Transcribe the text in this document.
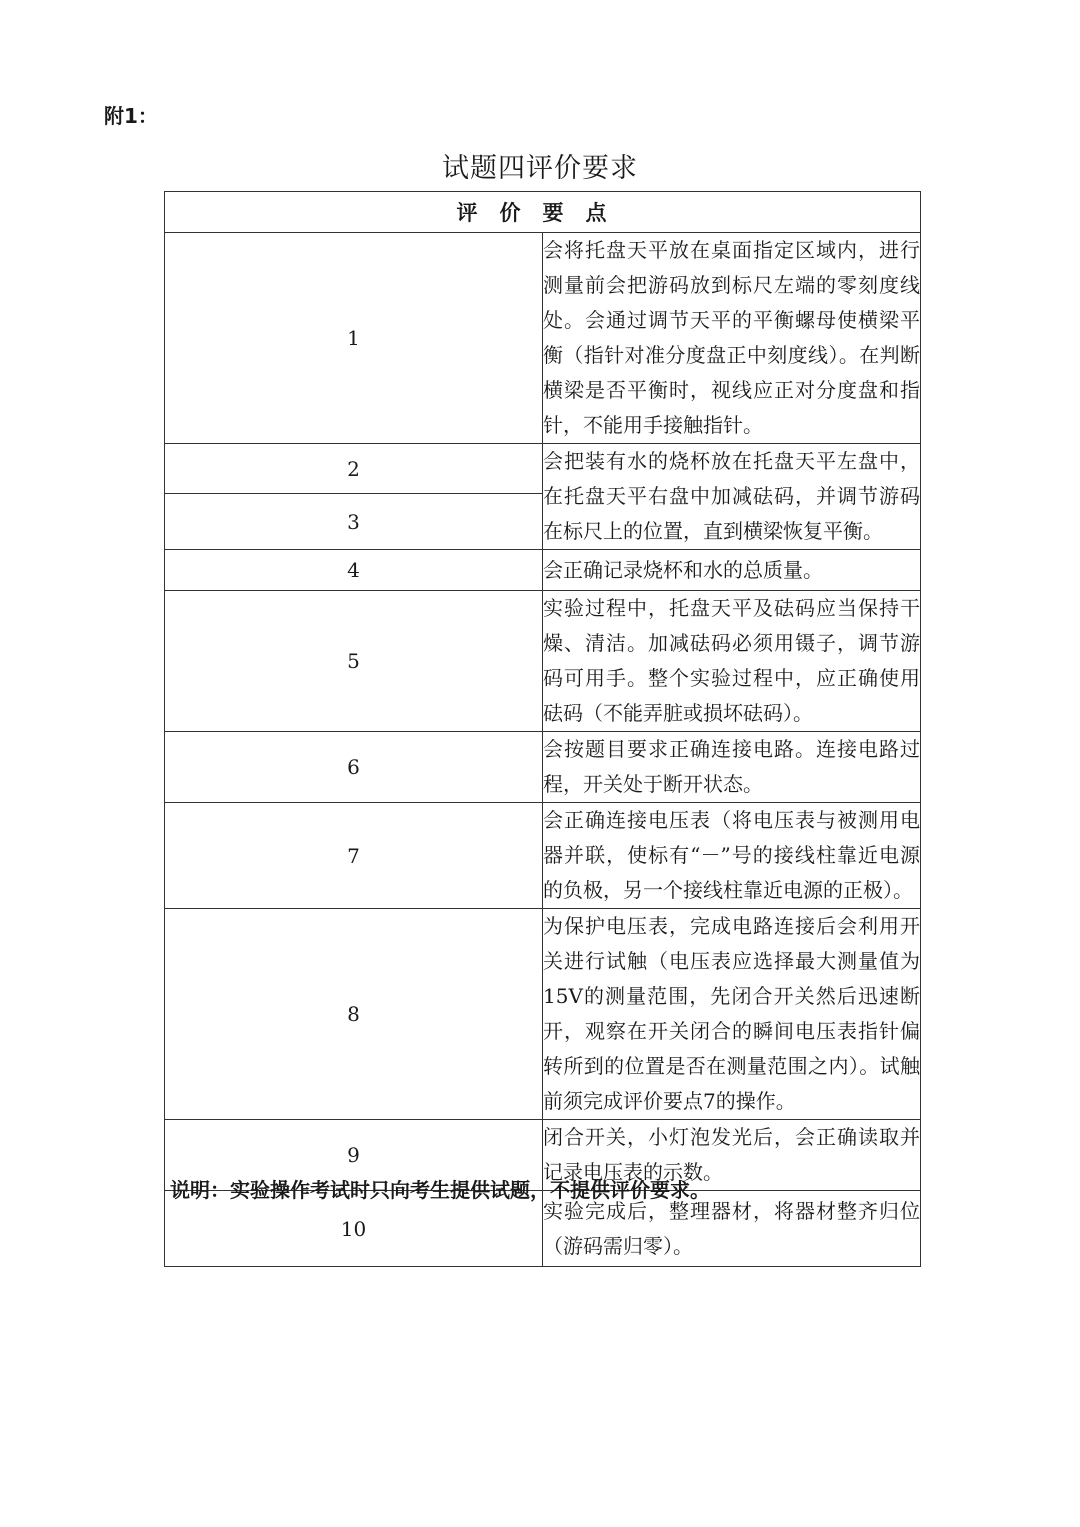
附1：
试题四评价要求
评价要点	
1	会将托盘天平放在桌面指定区域内，进行测量前会把游码放到标尺左端的零刻度线处。会通过调节天平的平衡螺母使横梁平衡（指针对准分度盘正中刻度线）。在判断横梁是否平衡时，视线应正对分度盘和指针，不能用手接触指针。
2	会把装有水的烧杯放在托盘天平左盘中，在托盘天平右盘中加减砝码，并调节游码在标尺上的位置，直到横梁恢复平衡。
3	
4	会正确记录烧杯和水的总质量。
5	实验过程中，托盘天平及砝码应当保持干燥、清洁。加减砝码必须用镊子，调节游码可用手。整个实验过程中，应正确使用砝码（不能弄脏或损坏砝码）。
6	会按题目要求正确连接电路。连接电路过程，开关处于断开状态。
7	会正确连接电压表（将电压表与被测用电器并联，使标有“－”号的接线柱靠近电源的负极，另一个接线柱靠近电源的正极）。
8	为保护电压表，完成电路连接后会利用开关进行试触（电压表应选择最大测量值为15V的测量范围，先闭合开关然后迅速断开，观察在开关闭合的瞬间电压表指针偏转所到的位置是否在测量范围之内）。试触前须完成评价要点7的操作。
9	闭合开关，小灯泡发光后，会正确读取并记录电压表的示数。
10	实验完成后，整理器材，将器材整齐归位（游码需归零）。
说明：实验操作考试时只向考生提供试题，不提供评价要求。
